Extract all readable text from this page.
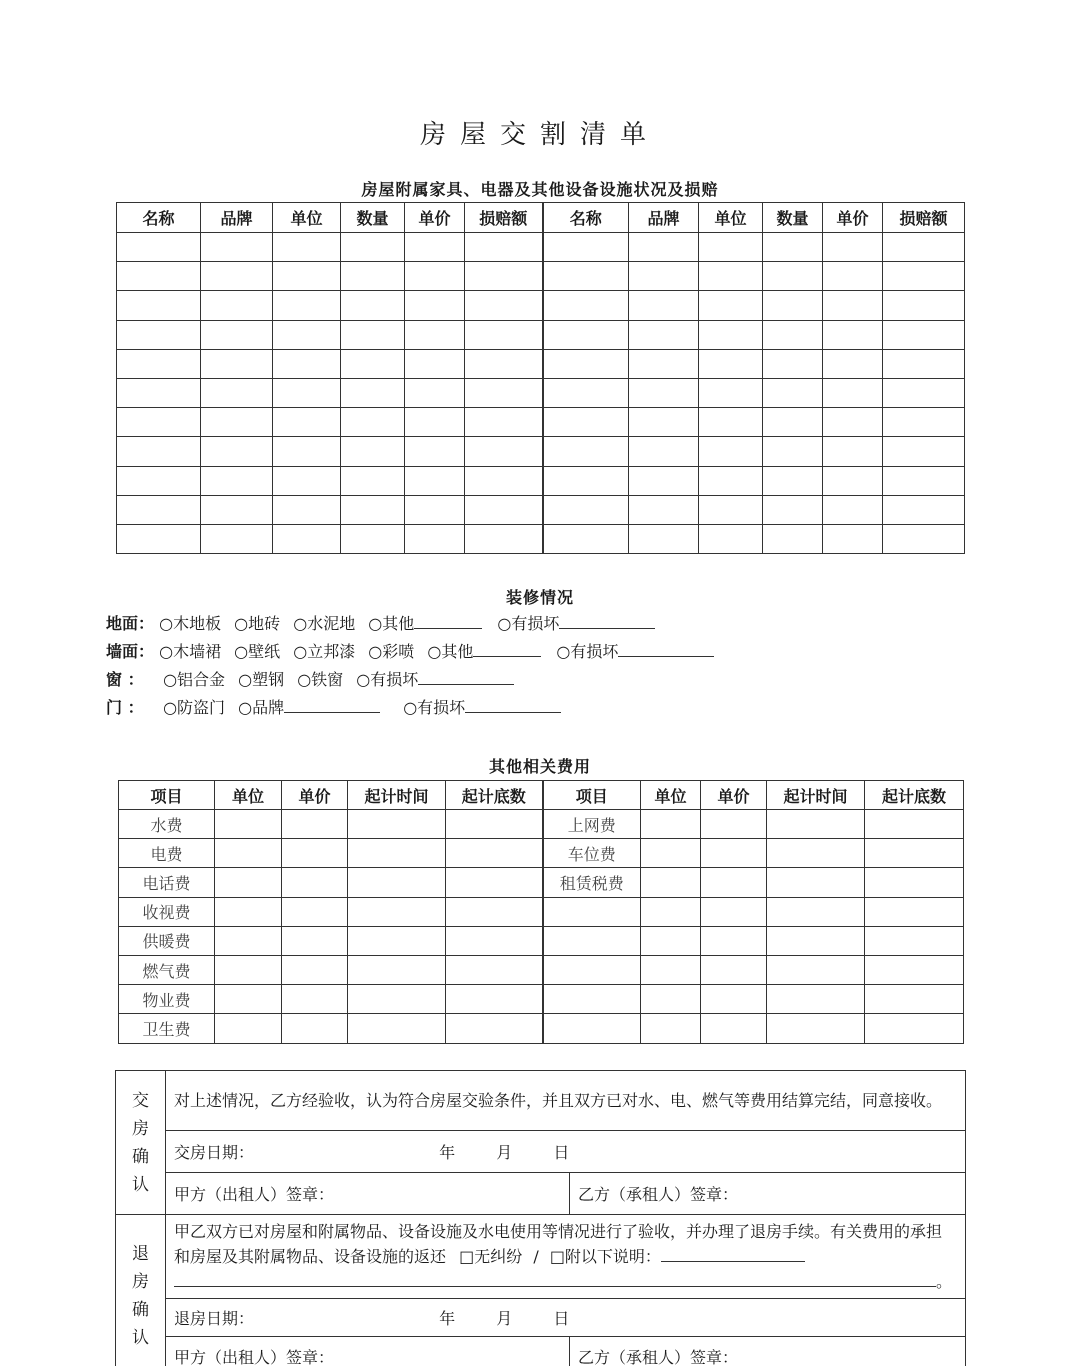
房屋交割清单
房屋附属家具、电器及其他设备设施状况及损赔
名称	品牌	单位	数量	单价	损赔额	名称	品牌	单位	数量	单价	损赔额

装修情况
地面： ○木地板 ○地砖 ○水泥地 ○其他	○有损坏
墙面： ○木墙裙 ○壁纸 ○立邦漆 ○彩喷 ○其他	○有损坏
窗 ： ○铝合金 ○塑钢 ○铁窗 ○有损坏
门 ： ○防盗门 ○品牌	○有损坏
其他相关费用
项目	单位	单价	起计时间	起计底数	项目	单位	单价	起计时间	起计底数
水费					上网费				
电费					车位费				
电话费					租赁税费				
收视费									
供暖费									
燃气费									
物业费									
卫生费									
交
房
确
认	对上述情况，乙方经验收，认为符合房屋交验条件，并且双方已对水、电、燃气等费用结算完结，同意接收。	
	交房日期： 年 月 日	
	甲方（出租人）签章：	乙方（承租人）签章：

退
房
确
认	甲乙双方已对房屋和附属物品、设备设施及水电使用等情况进行了验收，并办理了退房手续。有关费用的承担和房屋及其附属物品、设备设施的返还 □无纠纷 / □附以下说明：
。	
	退房日期： 年 月 日	
	甲方（出租人）签章：	乙方（承租人）签章：
